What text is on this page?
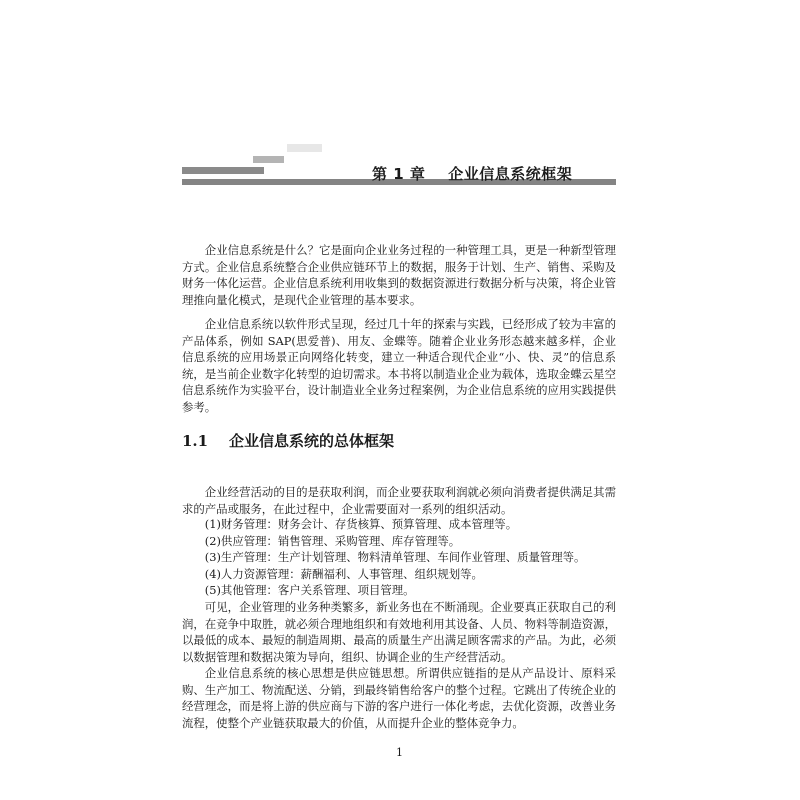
第 1 章    企业信息系统框架

企业信息系统是什么？它是面向企业业务过程的一种管理工具，更是一种新型管理方式。企业信息系统整合企业供应链环节上的数据，服务于计划、生产、销售、采购及财务一体化运营。企业信息系统利用收集到的数据资源进行数据分析与决策，将企业管理推向量化模式，是现代企业管理的基本要求。

企业信息系统以软件形式呈现，经过几十年的探索与实践，已经形成了较为丰富的产品体系，例如 SAP(思爱普)、用友、金蝶等。随着企业业务形态越来越多样，企业信息系统的应用场景正向网络化转变，建立一种适合现代企业“小、快、灵”的信息系统，是当前企业数字化转型的迫切需求。本书将以制造业企业为载体，选取金蝶云星空信息系统作为实验平台，设计制造业全业务过程案例，为企业信息系统的应用实践提供参考。

1.1    企业信息系统的总体框架

企业经营活动的目的是获取利润，而企业要获取利润就必须向消费者提供满足其需求的产品或服务，在此过程中，企业需要面对一系列的组织活动。

(1)财务管理：财务会计、存货核算、预算管理、成本管理等。
(2)供应管理：销售管理、采购管理、库存管理等。
(3)生产管理：生产计划管理、物料清单管理、车间作业管理、质量管理等。
(4)人力资源管理：薪酬福利、人事管理、组织规划等。
(5)其他管理：客户关系管理、项目管理。

可见，企业管理的业务种类繁多，新业务也在不断涌现。企业要真正获取自己的利润，在竞争中取胜，就必须合理地组织和有效地利用其设备、人员、物料等制造资源，以最低的成本、最短的制造周期、最高的质量生产出满足顾客需求的产品。为此，必须以数据管理和数据决策为导向，组织、协调企业的生产经营活动。

企业信息系统的核心思想是供应链思想。所谓供应链指的是从产品设计、原料采购、生产加工、物流配送、分销，到最终销售给客户的整个过程。它跳出了传统企业的经营理念，而是将上游的供应商与下游的客户进行一体化考虑，去优化资源，改善业务流程，使整个产业链获取最大的价值，从而提升企业的整体竞争力。

1
